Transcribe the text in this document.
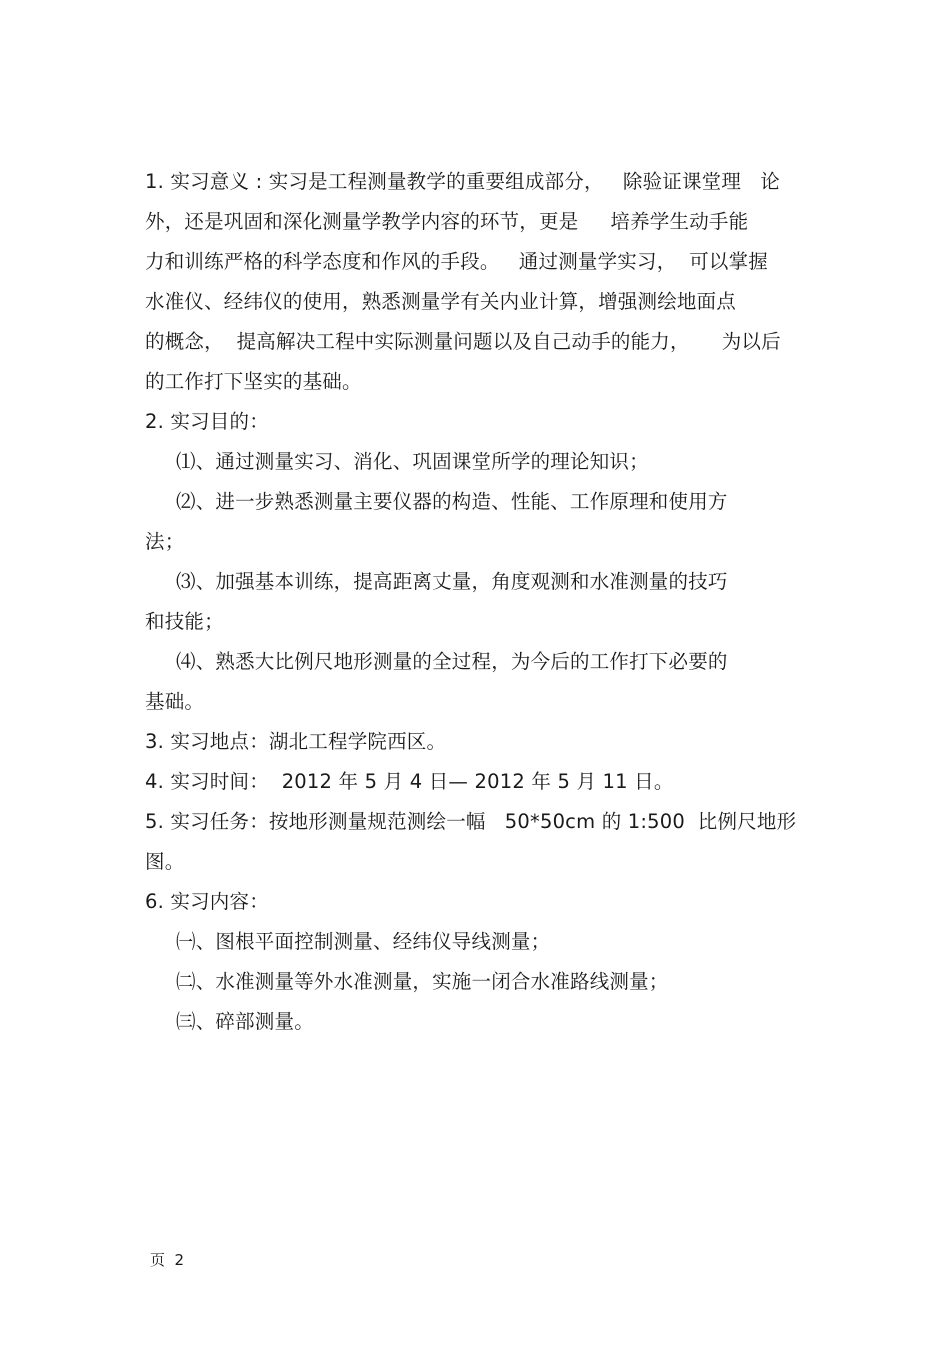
1. 实习意义 : 实习是工程测量教学的重要组成部分，   除验证课堂理   论
外，还是巩固和深化测量学教学内容的环节，更是     培养学生动手能
力和训练严格的科学态度和作风的手段。   通过测量学实习，  可以掌握
水准仪、经纬仪的使用，熟悉测量学有关内业计算，增强测绘地面点
的概念，  提高解决工程中实际测量问题以及自己动手的能力，     为以后
的工作打下坚实的基础。
2. 实习目的：
⑴、通过测量实习、消化、巩固课堂所学的理论知识；
⑵、进一步熟悉测量主要仪器的构造、性能、工作原理和使用方
法；
⑶、加强基本训练，提高距离丈量，角度观测和水准测量的技巧
和技能；
⑷、熟悉大比例尺地形测量的全过程，为今后的工作打下必要的
基础。
3. 实习地点：湖北工程学院西区。
4. 实习时间：  2012 年 5 月 4 日— 2012 年 5 月 11 日。
5. 实习任务：按地形测量规范测绘一幅   50*50cm 的 1:500  比例尺地形
图。
6. 实习内容：
㈠、图根平面控制测量、经纬仪导线测量；
㈡、水准测量等外水准测量，实施一闭合水准路线测量；
㈢、碎部测量。
页  2
